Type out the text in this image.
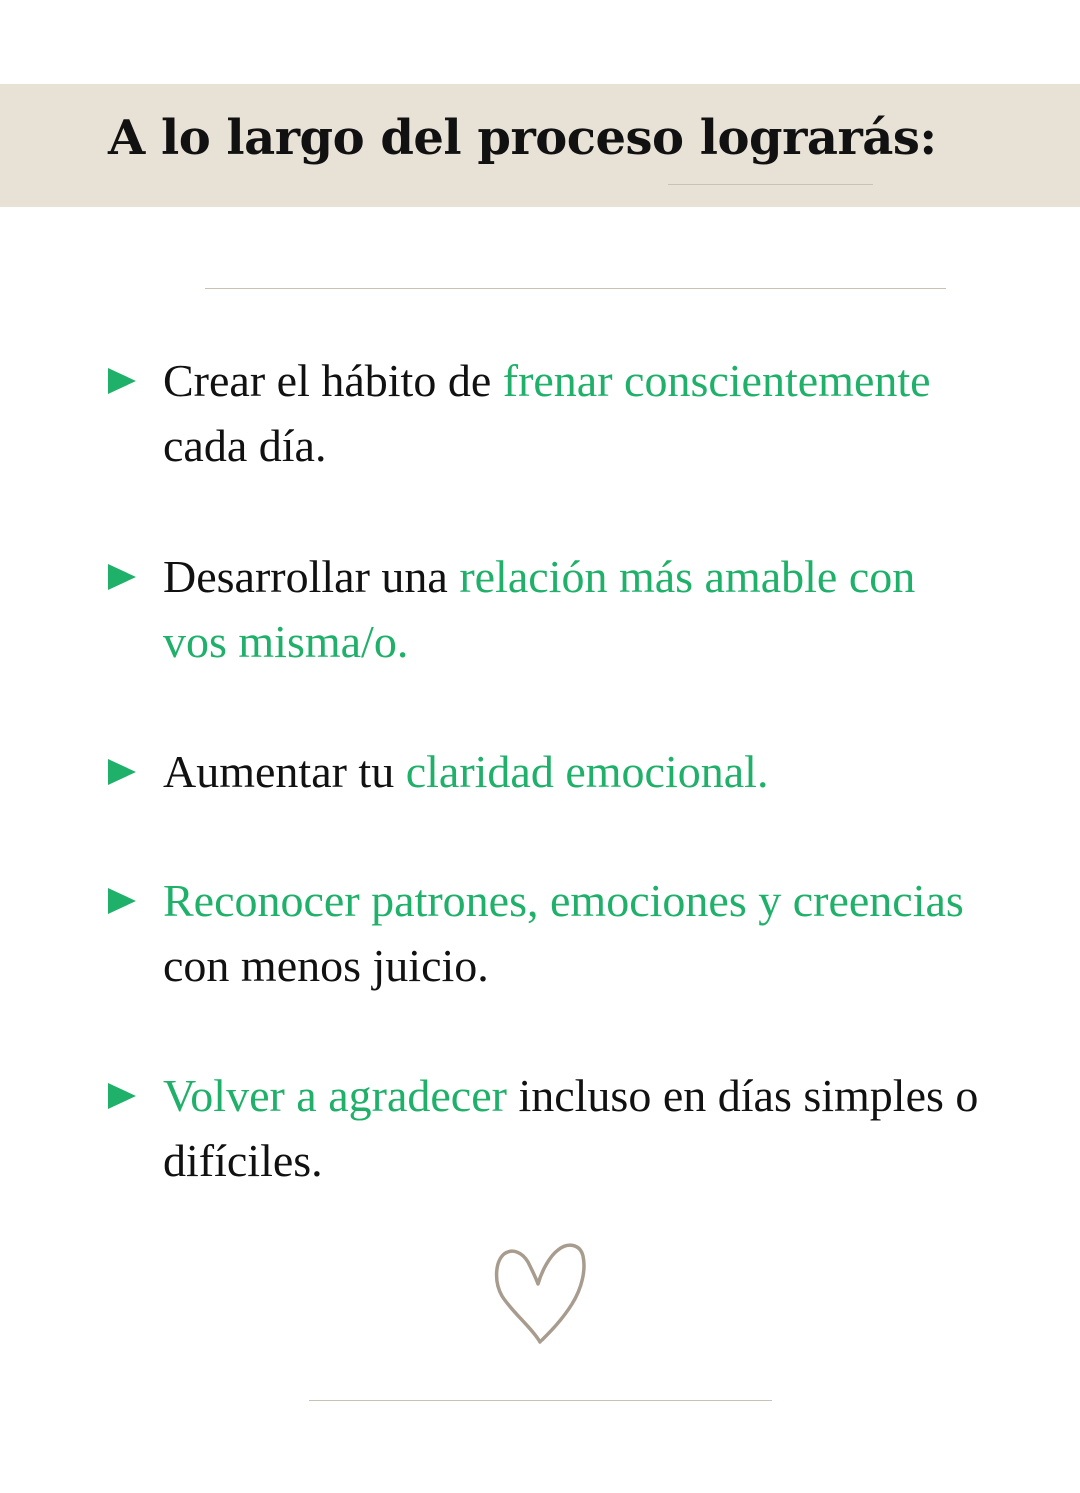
A lo largo del proceso lograrás:

Crear el hábito de frenar conscientemente cada día.

Desarrollar una relación más amable con vos misma/o.

Aumentar tu claridad emocional.

Reconocer patrones, emociones y creencias con menos juicio.

Volver a agradecer incluso en días simples o difíciles.
